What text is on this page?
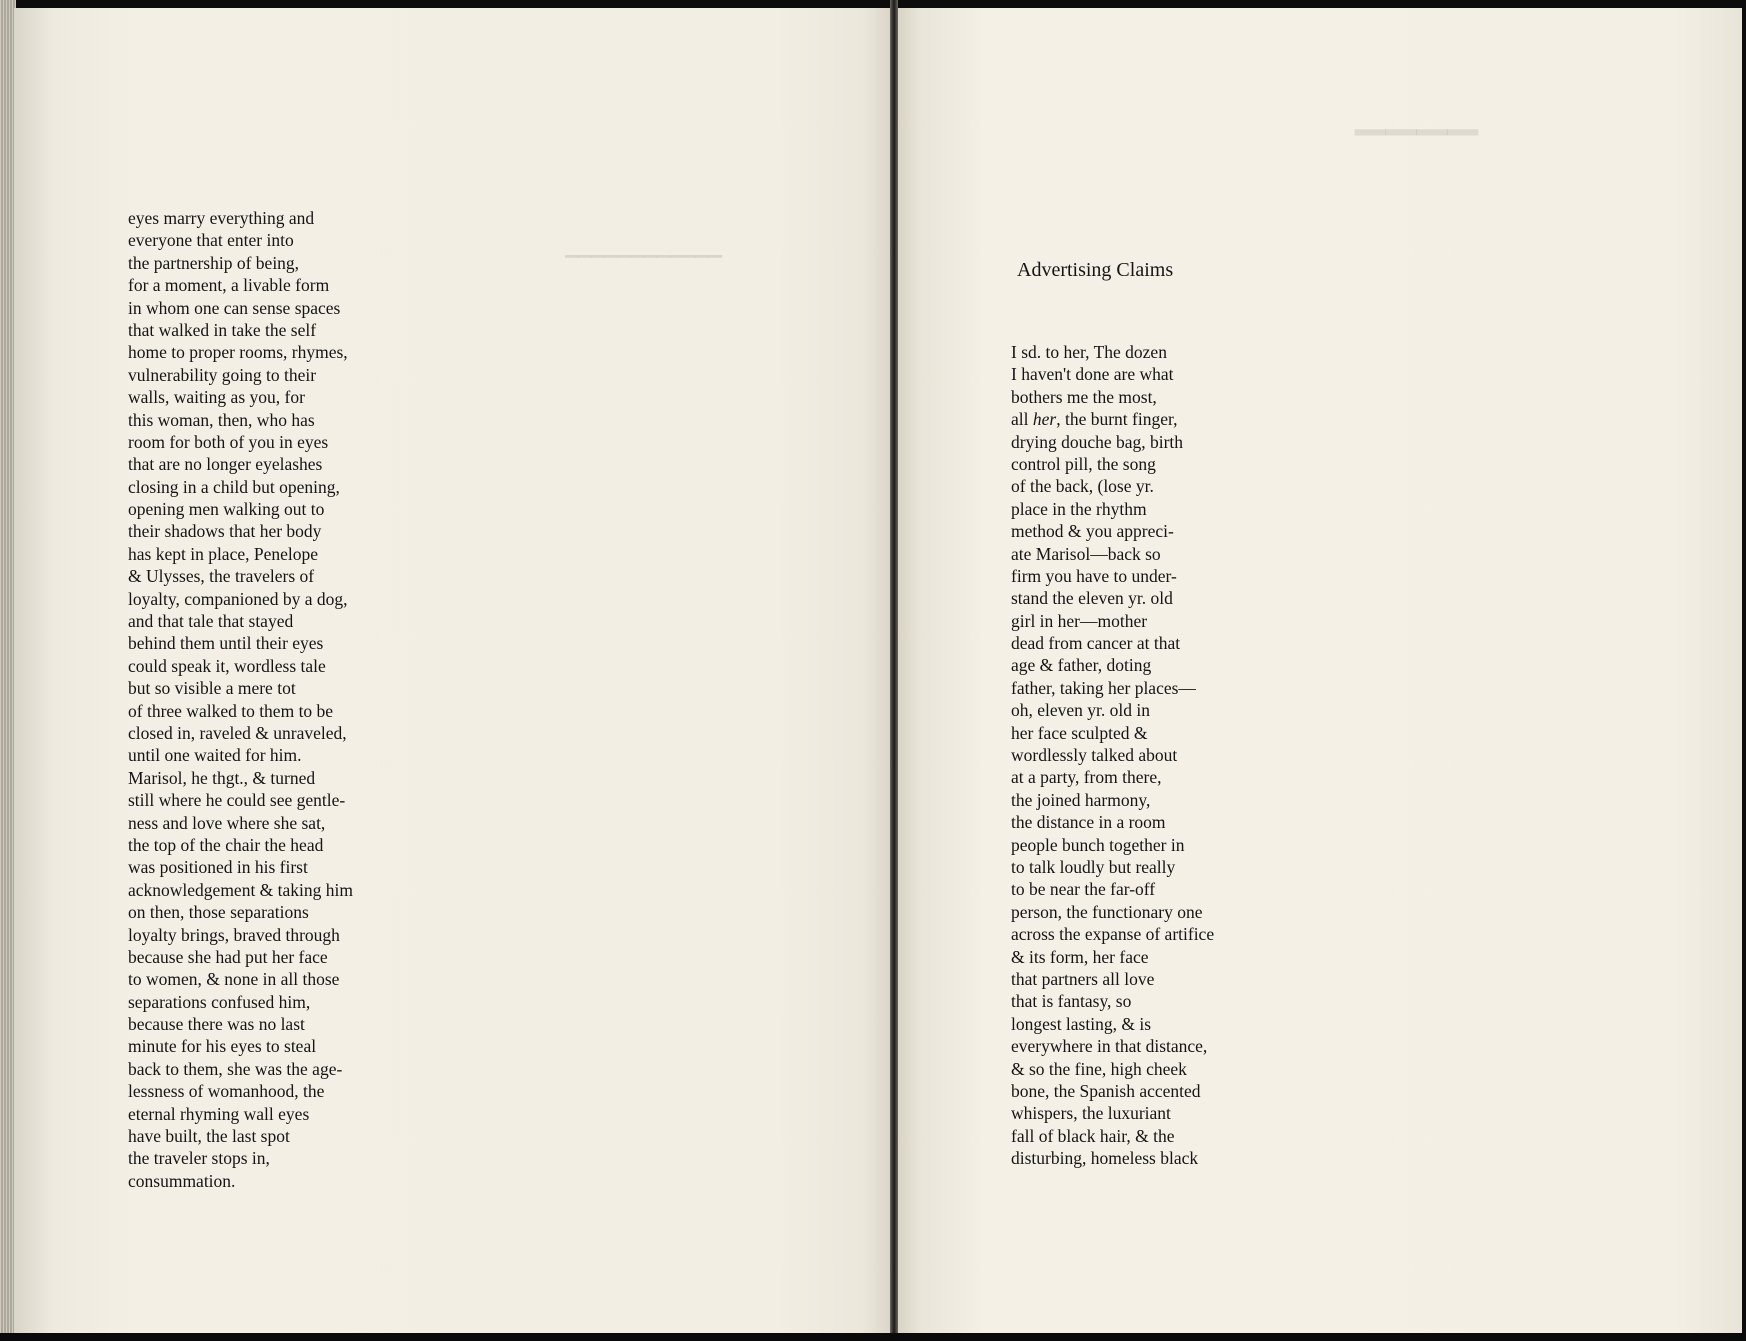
▔▔▔▔▔▔▔▔▔▔▔▔
▔▔▔▔
eyes marry everything and
everyone that enter into
the partnership of being,
for a moment, a livable form
in whom one can sense spaces
that walked in take the self
home to proper rooms, rhymes,
vulnerability going to their
walls, waiting as you, for
this woman, then, who has
room for both of you in eyes
that are no longer eyelashes
closing in a child but opening,
opening men walking out to
their shadows that her body
has kept in place, Penelope
& Ulysses, the travelers of
loyalty, companioned by a dog,
and that tale that stayed
behind them until their eyes
could speak it, wordless tale
but so visible a mere tot
of three walked to them to be
closed in, raveled & unraveled,
until one waited for him.
Marisol, he thgt., & turned
still where he could see gentle-
ness and love where she sat,
the top of the chair the head
was positioned in his first
acknowledgement & taking him
on then, those separations
loyalty brings, braved through
because she had put her face
to women, & none in all those
separations confused him,
because there was no last
minute for his eyes to steal
back to them, she was the age-
lessness of womanhood, the
eternal rhyming wall eyes
have built, the last spot
the traveler stops in,
consummation.
Advertising Claims
I sd. to her, The dozen
I haven't done are what
bothers me the most,
all her, the burnt finger,
drying douche bag, birth
control pill, the song
of the back, (lose yr.
place in the rhythm
method & you appreci-
ate Marisol—back so
firm you have to under-
stand the eleven yr. old
girl in her—mother
dead from cancer at that
age & father, doting
father, taking her places—
oh, eleven yr. old in
her face sculpted &
wordlessly talked about
at a party, from there,
the joined harmony,
the distance in a room
people bunch together in
to talk loudly but really
to be near the far-off
person, the functionary one
across the expanse of artifice
& its form, her face
that partners all love
that is fantasy, so
longest lasting, & is
everywhere in that distance,
& so the fine, high cheek
bone, the Spanish accented
whispers, the luxuriant
fall of black hair, & the
disturbing, homeless black
